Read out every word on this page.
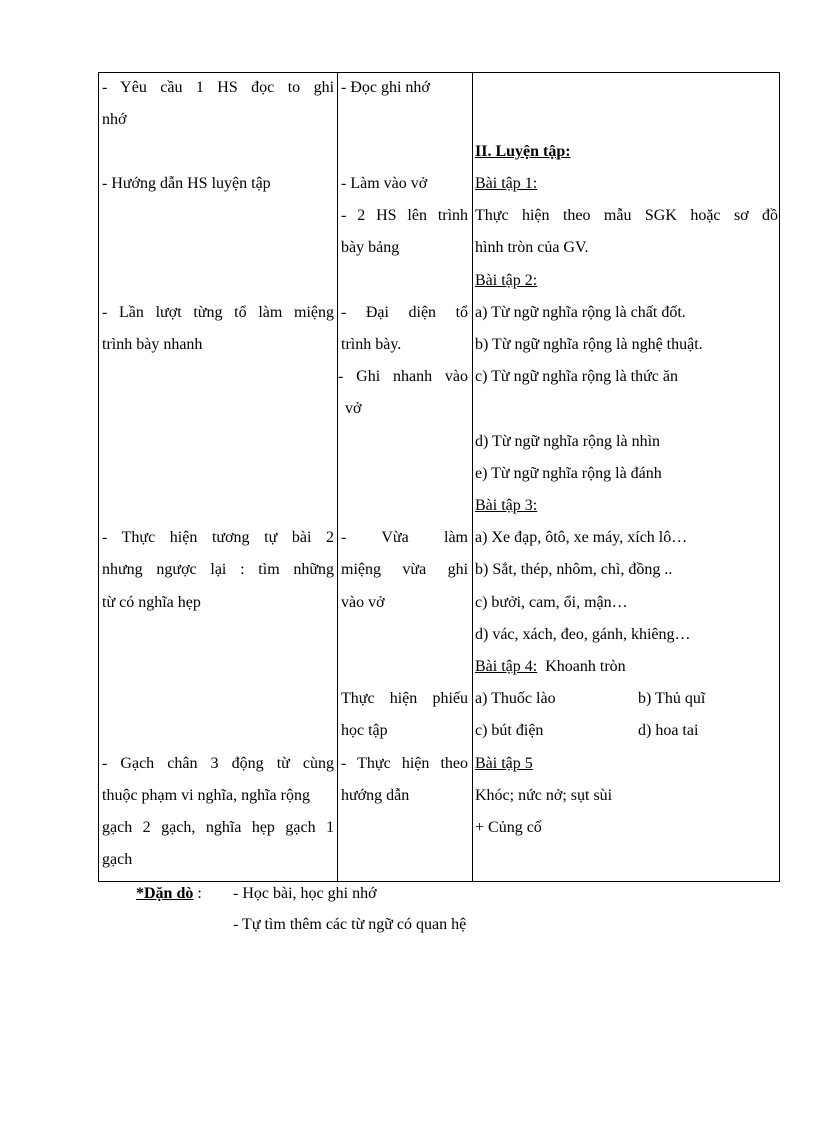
- Yêu cầu 1 HS đọc to ghi
nhớ
- Hướng dẫn HS luyện tập
- Lần lượt từng tổ làm miệng
trình bày nhanh
- Thực hiện tương tự bài 2
nhưng ngược lại : tìm những
từ có nghĩa hẹp
- Gạch chân 3 động từ cùng
thuộc phạm vi nghĩa, nghĩa rộng
gạch 2 gạch, nghĩa hẹp gạch 1
gạch
- Đọc ghi nhớ
- Làm vào vở
- 2 HS lên trình
bày bảng
- Đại diện tổ
trình bày.
- Ghi nhanh vào
vở
- Vừa làm
miệng vừa ghi
vào vở
Thực hiện phiếu
học tập
- Thực hiện theo
hướng dẫn
II. Luyện tập:
Bài tập 1:
Thực hiện theo mẫu SGK hoặc sơ đồ
hình tròn của GV.
Bài tập 2:
a) Từ ngữ nghĩa rộng là chất đốt.
b) Từ ngữ nghĩa rộng là nghệ thuật.
c) Từ ngữ nghĩa rộng là thức ăn
d) Từ ngữ nghĩa rộng là nhìn
e) Từ ngữ nghĩa rộng là đánh
Bài tập 3:
a) Xe đạp, ôtô, xe máy, xích lô…
b) Sắt, thép, nhôm, chì, đồng ..
c) bưởi, cam, ổi, mận…
d) vác, xách, đeo, gánh, khiêng…
Bài tập 4: Khoanh tròn
a) Thuốc lào	b) Thủ quĩ
c) bút điện	d) hoa tai
Bài tập 5
Khóc; nức nở; sụt sùi
+ Củng cố
*Dặn dò : - Học bài, học ghi nhớ
- Tự tìm thêm các từ ngữ có quan hệ
